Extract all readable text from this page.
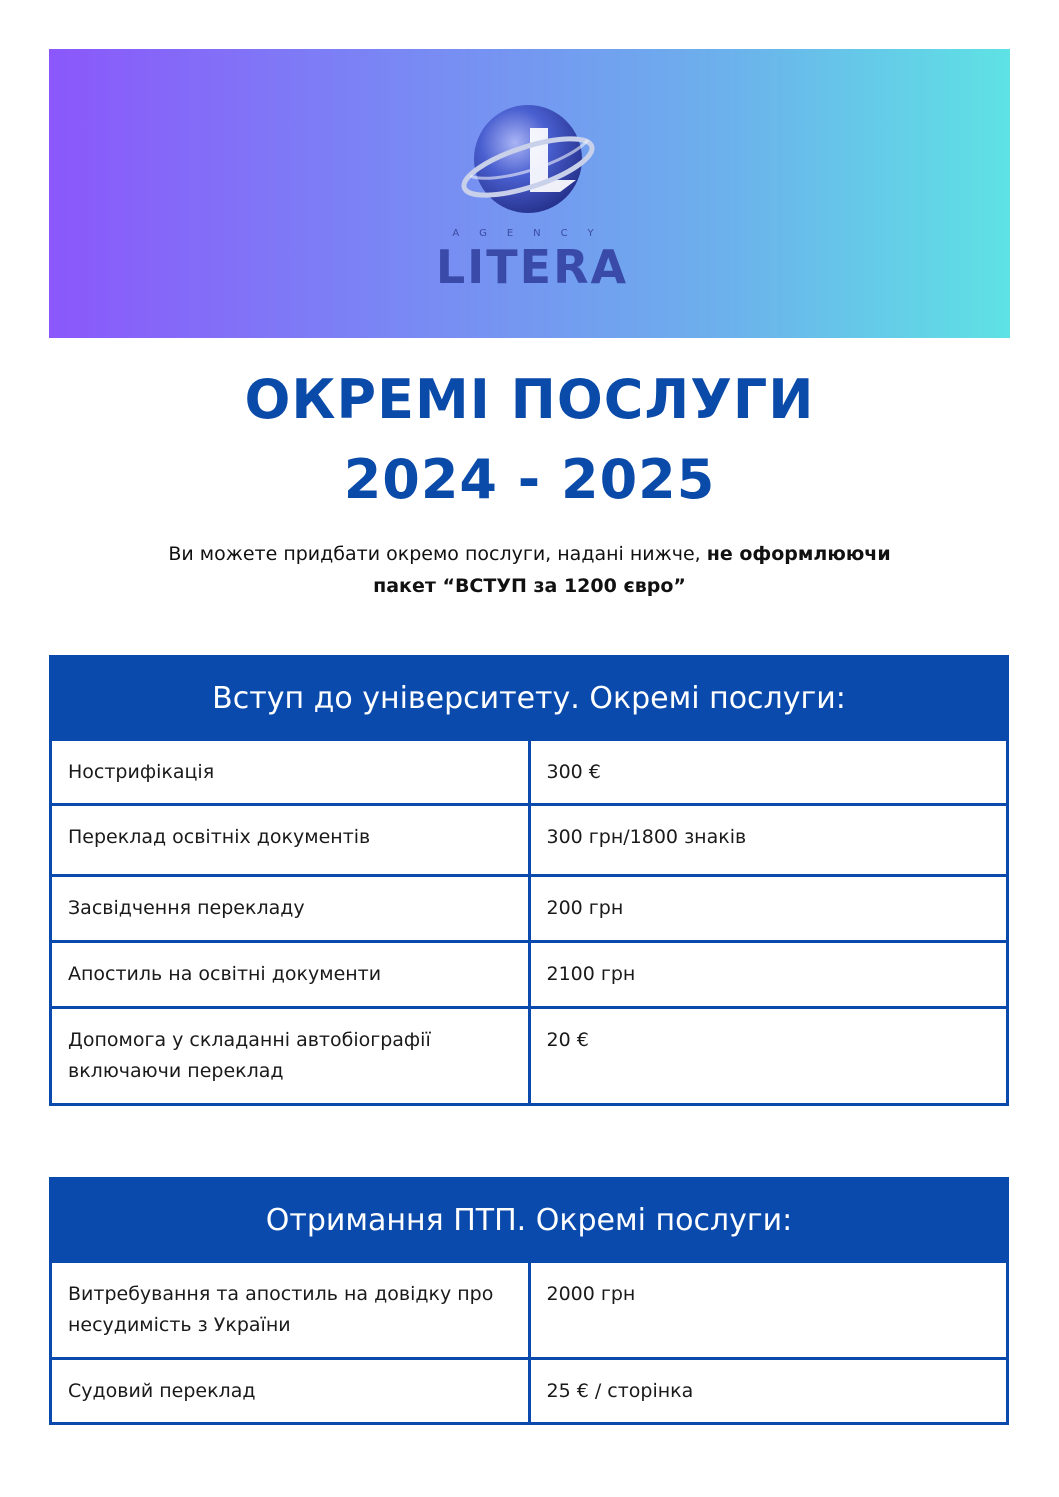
AGENCY
LITERA
ОКРЕМІ ПОСЛУГИ
2024 - 2025
Ви можете придбати окремо послуги, надані нижче, не оформлюючи
пакет “ВСТУП за 1200 євро”
Вступ до університету. Окремі послуги:	
Нострифікація	300 €
Переклад освітніх документів	300 грн/1800 знаків
Засвідчення перекладу	200 грн
Апостиль на освітні документи	2100 грн
Допомога у складанні автобіографії включаючи переклад	20 €
Отримання ПТП. Окремі послуги:	
Витребування та апостиль на довідку про несудимість з України	2000 грн
Судовий переклад	25 € / сторінка
